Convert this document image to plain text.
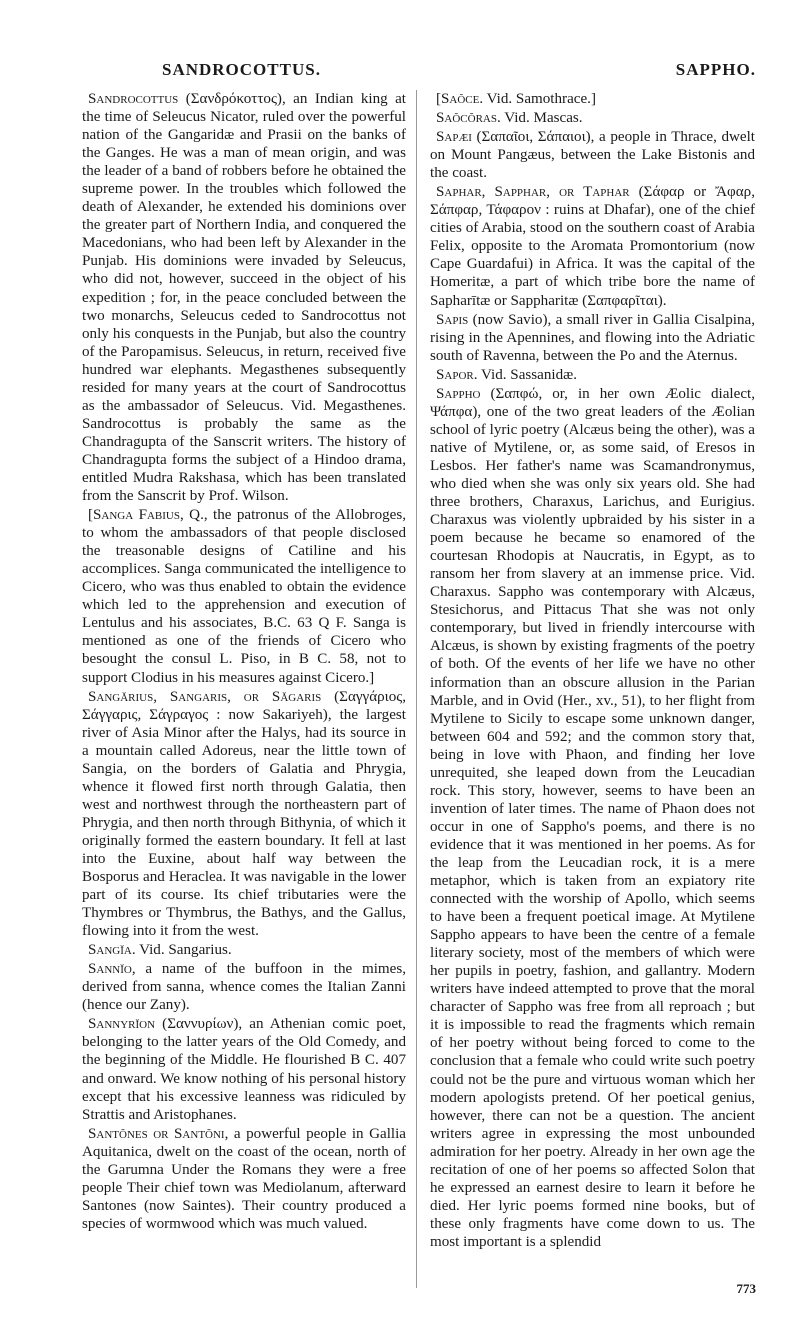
SANDROCOTTUS.	SAPPHO.

Sandrocottus (Σανδρόκοττος), an Indian king at the time of Seleucus Nicator, ruled over the powerful nation of the Gangaridæ and Prasii on the banks of the Ganges. He was a man of mean origin, and was the leader of a band of robbers before he obtained the supreme power. In the troubles which followed the death of Alexander, he extended his dominions over the greater part of Northern India, and conquered the Macedonians, who had been left by Alexander in the Punjab. His dominions were invaded by Seleucus, who did not, however, succeed in the object of his expedition ; for, in the peace concluded between the two monarchs, Seleucus ceded to Sandrocottus not only his conquests in the Punjab, but also the country of the Paropamisus. Seleucus, in return, received five hundred war elephants. Megasthenes subsequently resided for many years at the court of Sandrocottus as the ambassador of Seleucus. Vid. Megasthenes. Sandrocottus is probably the same as the Chandragupta of the Sanscrit writers. The history of Chandragupta forms the subject of a Hindoo drama, entitled Mudra Rakshasa, which has been translated from the Sanscrit by Prof. Wilson.

[Sanga Fabius, Q., the patronus of the Allobroges, to whom the ambassadors of that people disclosed the treasonable designs of Catiline and his accomplices. Sanga communicated the intelligence to Cicero, who was thus enabled to obtain the evidence which led to the apprehension and execution of Lentulus and his associates, B.C. 63 Q F. Sanga is mentioned as one of the friends of Cicero who besought the consul L. Piso, in B C. 58, not to support Clodius in his measures against Cicero.]

Sangărius, Sangaris, or Săgaris (Σαγγάριος, Σάγγαρις, Σάγραγος : now Sakariyeh), the largest river of Asia Minor after the Halys, had its source in a mountain called Adoreus, near the little town of Sangia, on the borders of Galatia and Phrygia, whence it flowed first north through Galatia, then west and northwest through the northeastern part of Phrygia, and then north through Bithynia, of which it originally formed the eastern boundary. It fell at last into the Euxine, about half way between the Bosporus and Heraclea. It was navigable in the lower part of its course. Its chief tributaries were the Thymbres or Thymbrus, the Bathys, and the Gallus, flowing into it from the west.

Sangĭa. Vid. Sangarius.

Sannĭo, a name of the buffoon in the mimes, derived from sanna, whence comes the Italian Zanni (hence our Zany).

Sannyrĭon (Σαννυρίων), an Athenian comic poet, belonging to the latter years of the Old Comedy, and the beginning of the Middle. He flourished B C. 407 and onward. We know nothing of his personal history except that his excessive leanness was ridiculed by Strattis and Aristophanes.

Santŏnes or Santŏni, a powerful people in Gallia Aquitanica, dwelt on the coast of the ocean, north of the Garumna Under the Romans they were a free people Their chief town was Mediolanum, afterward Santones (now Saintes). Their country produced a species of wormwood which was much valued.

[Saŏce. Vid. Samothrace.]

Saŏcŏras. Vid. Mascas.

Sapæi (Σαπαῖοι, Σάπαιοι), a people in Thrace, dwelt on Mount Pangæus, between the Lake Bistonis and the coast.

Saphar, Sapphar, or Taphar (Σάφαρ or Ἄφαρ, Σάπφαρ, Τάφαρον : ruins at Dhafar), one of the chief cities of Arabia, stood on the southern coast of Arabia Felix, opposite to the Aromata Promontorium (now Cape Guardafui) in Africa. It was the capital of the Homeritæ, a part of which tribe bore the name of Sapharītæ or Sappharitæ (Σαπφαρῖται).

Sapis (now Savio), a small river in Gallia Cisalpina, rising in the Apennines, and flowing into the Adriatic south of Ravenna, between the Po and the Aternus.

Sapor. Vid. Sassanidæ.

Sappho (Σαπφώ, or, in her own Æolic dialect, Ψάπφα), one of the two great leaders of the Æolian school of lyric poetry (Alcæus being the other), was a native of Mytilene, or, as some said, of Eresos in Lesbos. Her father's name was Scamandronymus, who died when she was only six years old. She had three brothers, Charaxus, Larichus, and Eurigius. Charaxus was violently upbraided by his sister in a poem because he became so enamored of the courtesan Rhodopis at Naucratis, in Egypt, as to ransom her from slavery at an immense price. Vid. Charaxus. Sappho was contemporary with Alcæus, Stesichorus, and Pittacus That she was not only contemporary, but lived in friendly intercourse with Alcæus, is shown by existing fragments of the poetry of both. Of the events of her life we have no other information than an obscure allusion in the Parian Marble, and in Ovid (Her., xv., 51), to her flight from Mytilene to Sicily to escape some unknown danger, between 604 and 592; and the common story that, being in love with Phaon, and finding her love unrequited, she leaped down from the Leucadian rock. This story, however, seems to have been an invention of later times. The name of Phaon does not occur in one of Sappho's poems, and there is no evidence that it was mentioned in her poems. As for the leap from the Leucadian rock, it is a mere metaphor, which is taken from an expiatory rite connected with the worship of Apollo, which seems to have been a frequent poetical image. At Mytilene Sappho appears to have been the centre of a female literary society, most of the members of which were her pupils in poetry, fashion, and gallantry. Modern writers have indeed attempted to prove that the moral character of Sappho was free from all reproach ; but it is impossible to read the fragments which remain of her poetry without being forced to come to the conclusion that a female who could write such poetry could not be the pure and virtuous woman which her modern apologists pretend. Of her poetical genius, however, there can not be a question. The ancient writers agree in expressing the most unbounded admiration for her poetry. Already in her own age the recitation of one of her poems so affected Solon that he expressed an earnest desire to learn it before he died. Her lyric poems formed nine books, but of these only fragments have come down to us. The most important is a splendid

773
